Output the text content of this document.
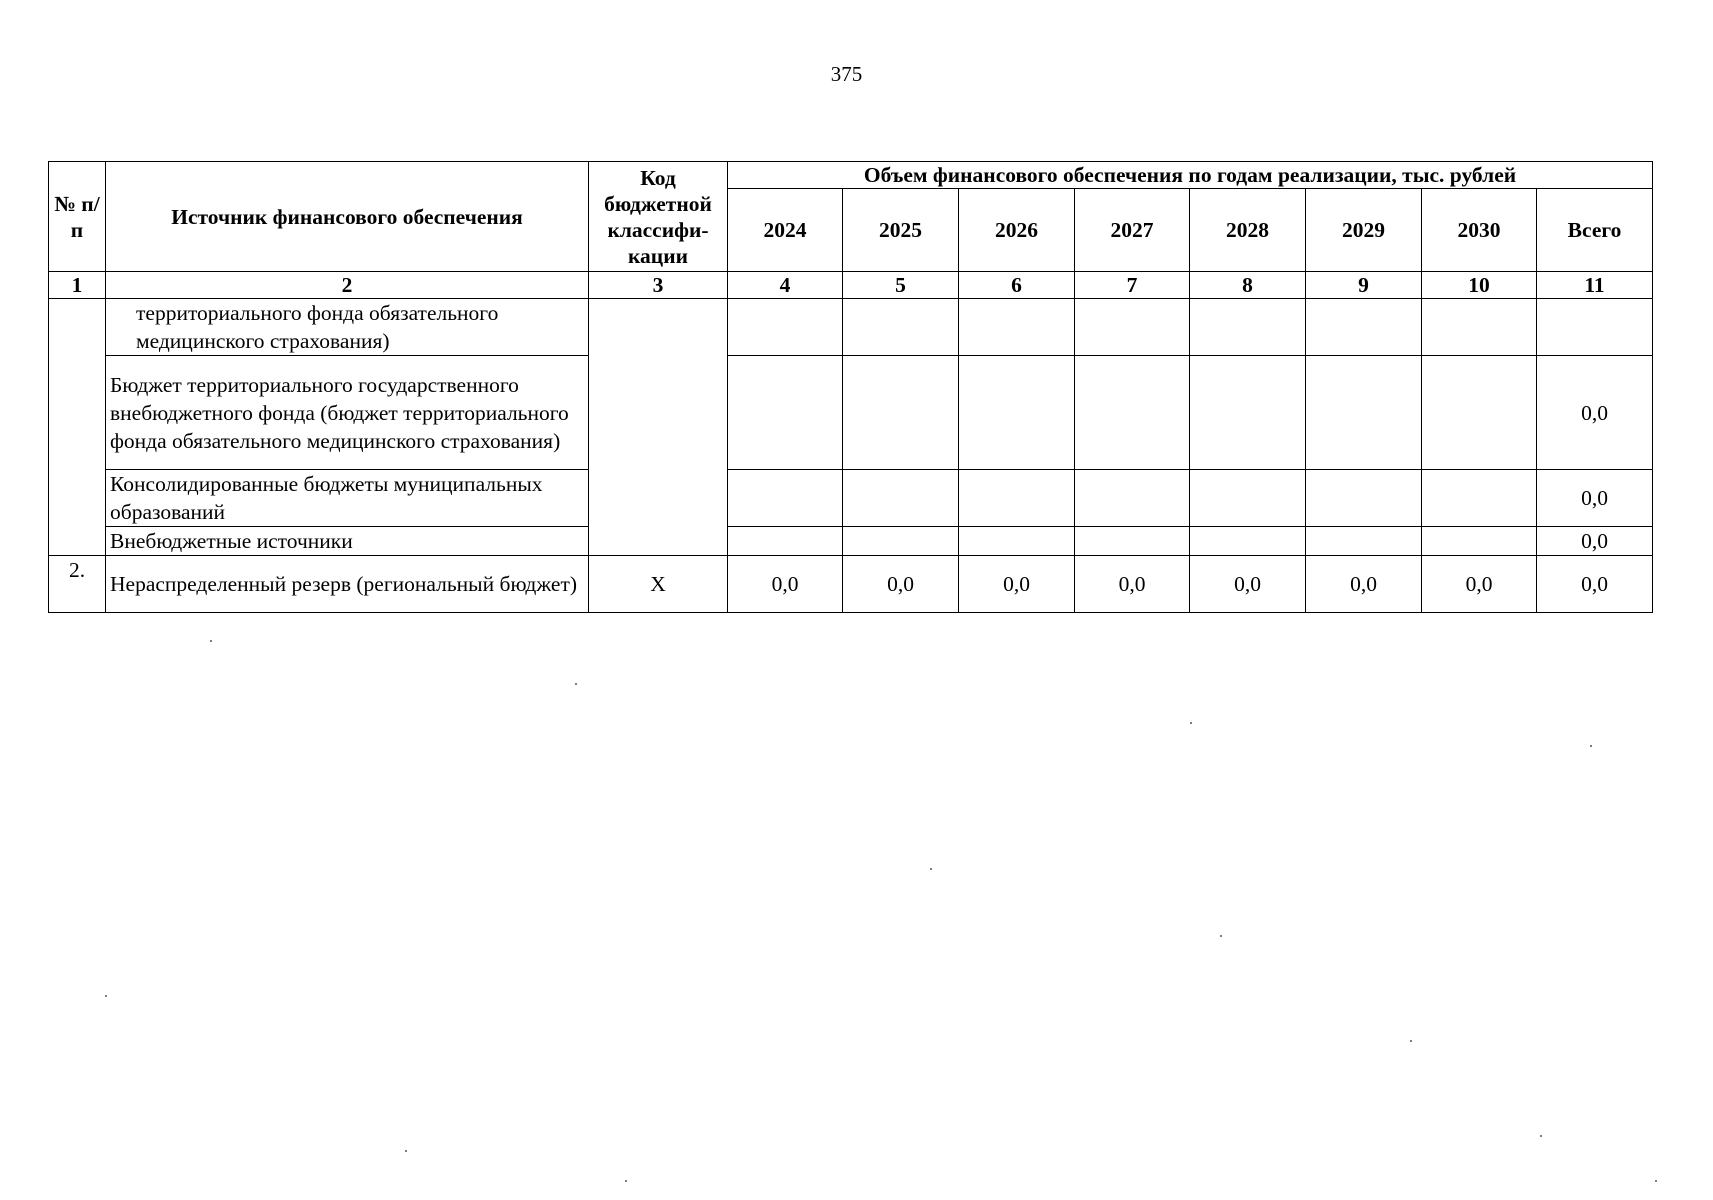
375
№ п/п	Источник финансового обеспечения	Код бюджетной классифи-кации	Объем финансового обеспечения по годам реализации, тыс. рублей							
			2024	2025	2026	2027	2028	2029	2030	Всего
1	2	3	4	5	6	7	8	9	10	11
	территориального фонда обязательного медицинского страхования)									
	Бюджет территориального государственного внебюджетного фонда (бюджет территориального фонда обязательного медицинского страхования)									0,0
	Консолидированные бюджеты муниципальных образований									0,0
	Внебюджетные источники									0,0
2.	Нераспределенный резерв (региональный бюджет)	X	0,0	0,0	0,0	0,0	0,0	0,0	0,0	0,0
